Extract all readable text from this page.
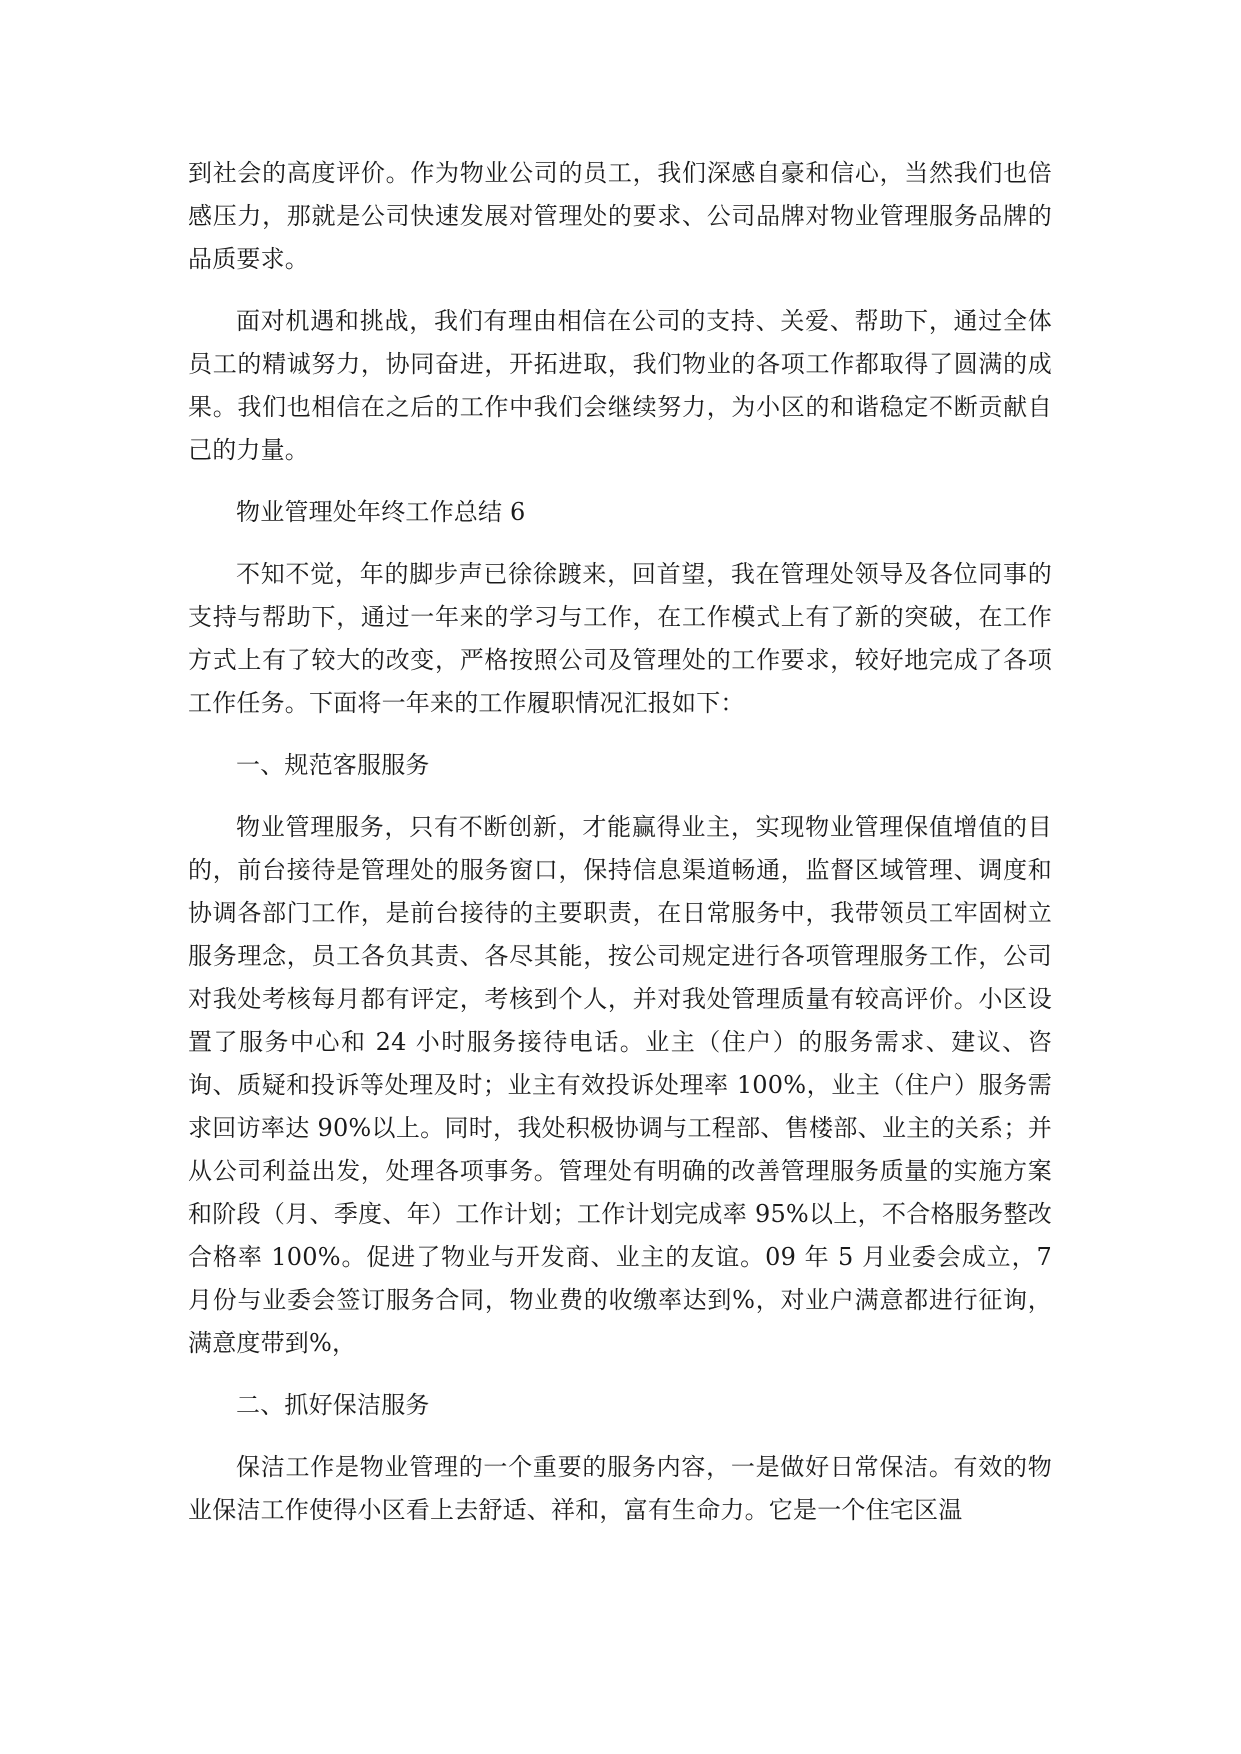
到社会的高度评价。作为物业公司的员工，我们深感自豪和信心，当然我们也倍感压力，那就是公司快速发展对管理处的要求、公司品牌对物业管理服务品牌的品质要求。

面对机遇和挑战，我们有理由相信在公司的支持、关爱、帮助下，通过全体员工的精诚努力，协同奋进，开拓进取，我们物业的各项工作都取得了圆满的成果。我们也相信在之后的工作中我们会继续努力，为小区的和谐稳定不断贡献自己的力量。

物业管理处年终工作总结 6

不知不觉，年的脚步声已徐徐踱来，回首望，我在管理处领导及各位同事的支持与帮助下，通过一年来的学习与工作，在工作模式上有了新的突破，在工作方式上有了较大的改变，严格按照公司及管理处的工作要求，较好地完成了各项工作任务。下面将一年来的工作履职情况汇报如下：

一、规范客服服务

物业管理服务，只有不断创新，才能赢得业主，实现物业管理保值增值的目的，前台接待是管理处的服务窗口，保持信息渠道畅通，监督区域管理、调度和协调各部门工作，是前台接待的主要职责，在日常服务中，我带领员工牢固树立服务理念，员工各负其责、各尽其能，按公司规定进行各项管理服务工作，公司对我处考核每月都有评定，考核到个人，并对我处管理质量有较高评价。小区设置了服务中心和 24 小时服务接待电话。业主（住户）的服务需求、建议、咨询、质疑和投诉等处理及时；业主有效投诉处理率 100%，业主（住户）服务需求回访率达 90%以上。同时，我处积极协调与工程部、售楼部、业主的关系；并从公司利益出发，处理各项事务。管理处有明确的改善管理服务质量的实施方案和阶段（月、季度、年）工作计划；工作计划完成率 95%以上，不合格服务整改合格率 100%。促进了物业与开发商、业主的友谊。09 年 5 月业委会成立，7 月份与业委会签订服务合同，物业费的收缴率达到%，对业户满意都进行征询，满意度带到%，

二、抓好保洁服务

保洁工作是物业管理的一个重要的服务内容，一是做好日常保洁。有效的物业保洁工作使得小区看上去舒适、祥和，富有生命力。它是一个住宅区温
